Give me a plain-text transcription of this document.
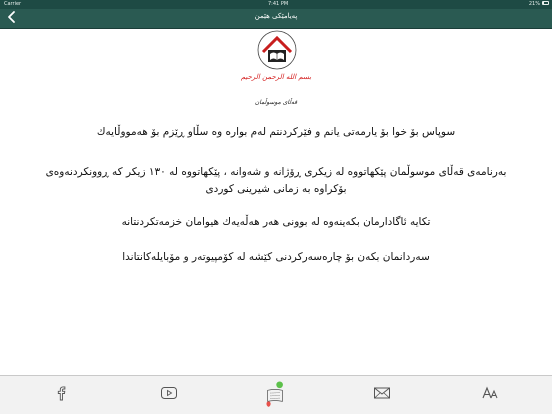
Carrier	7:41 PM	21%
پەیامێکی هێمن
بسم الله الرحمن الرحيم
قەڵای موسوڵمان

سوپاس بۆ خوا بۆ یارمەتی یانم و فێرکردنتم لەم بوارە وە سڵاو ڕێزم بۆ هەمووڵایەك

بەرنامەی قەڵای موسوڵمان پێکهاتووە لە زیکری ڕۆژانە و شەوانە ، پێکهاتووە لە ١٣٠ زیکر کە ڕوونکردنەوەی

بۆکراوە بە زمانی شیرینی کوردی

تکایە ئاگادارمان بکەینەوە لە بوونی هەر هەڵەیەك هیوامان خزمەتکردنتانە

سەردانمان بکەن بۆ چارەسەرکردنی کێشە لە کۆمپیوتەر و مۆبایلەکانتاندا
